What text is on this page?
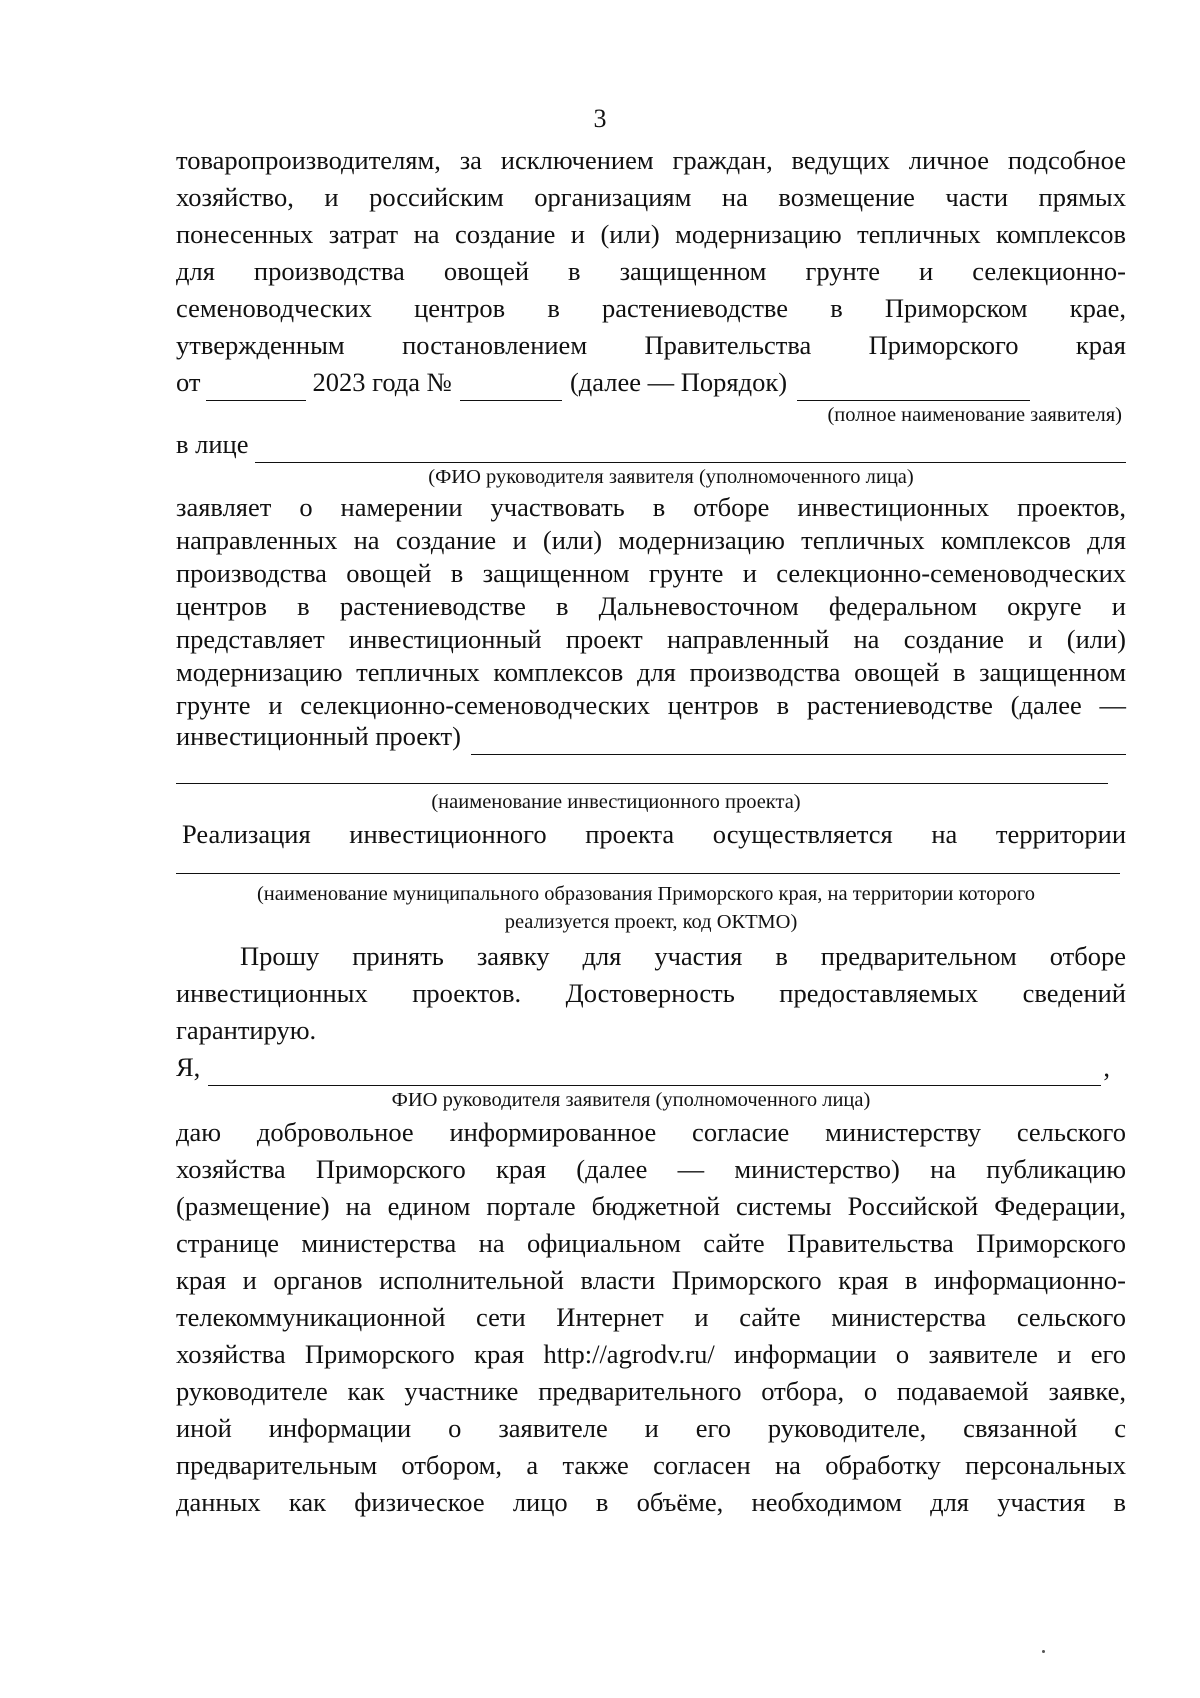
3
товаропроизводителям, за исключением граждан, ведущих личное подсобное
хозяйство, и российским организациям на возмещение части прямых
понесенных затрат на создание и (или) модернизацию тепличных комплексов
для производства овощей в защищенном грунте и селекционно-
семеноводческих центров в растениеводстве в Приморском крае,
утвержденным постановлением Правительства Приморского края
от	2023 года №	(далее — Порядок)
(полное наименование заявителя)
в лице
(ФИО руководителя заявителя (уполномоченного лица)
заявляет о намерении участвовать в отборе инвестиционных проектов,
направленных на создание и (или) модернизацию тепличных комплексов для
производства овощей в защищенном грунте и селекционно-семеноводческих
центров в растениеводстве в Дальневосточном федеральном округе и
представляет инвестиционный проект направленный на создание и (или)
модернизацию тепличных комплексов для производства овощей в защищенном
грунте и селекционно-семеноводческих центров в растениеводстве (далее —
инвестиционный проект)
(наименование инвестиционного проекта)
Реализация инвестиционного проекта осуществляется на территории
(наименование муниципального образования Приморского края, на территории которого
реализуется проект, код ОКТМО)
Прошу принять заявку для участия в предварительном отборе
инвестиционных проектов. Достоверность предоставляемых сведений
гарантирую.
Я,	,
ФИО руководителя заявителя (уполномоченного лица)
даю добровольное информированное согласие министерству сельского
хозяйства Приморского края (далее — министерство) на публикацию
(размещение) на едином портале бюджетной системы Российской Федерации,
странице министерства на официальном сайте Правительства Приморского
края и органов исполнительной власти Приморского края в информационно-
телекоммуникационной сети Интернет и сайте министерства сельского
хозяйства Приморского края http://agrodv.ru/ информации о заявителе и его
руководителе как участнике предварительного отбора, о подаваемой заявке,
иной информации о заявителе и его руководителе, связанной с
предварительным отбором, а также согласен на обработку персональных
данных как физическое лицо в объёме, необходимом для участия в
